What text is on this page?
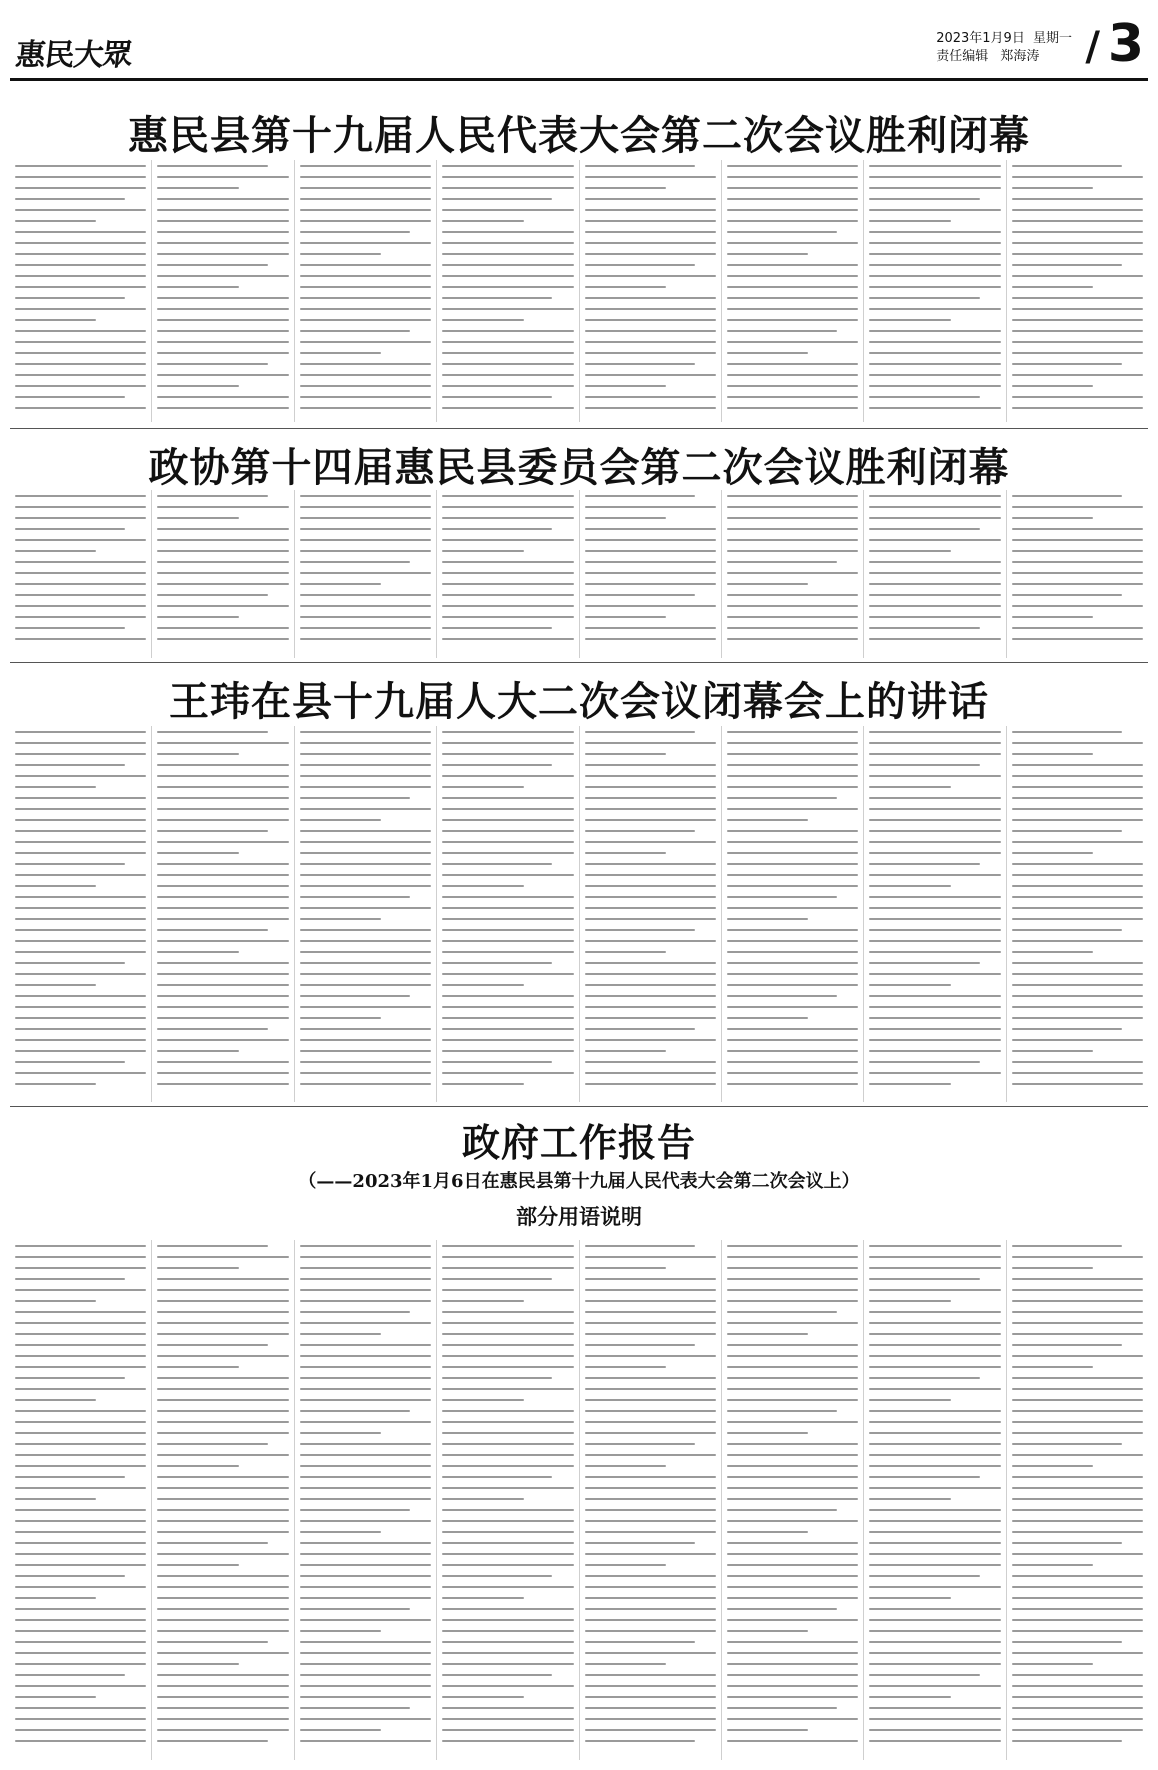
惠民大眾	2023年1月9日 星期一
责任编辑 郑海涛	/ 3
惠民县第十九届人民代表大会第二次会议胜利闭幕
政协第十四届惠民县委员会第二次会议胜利闭幕
王玮在县十九届人大二次会议闭幕会上的讲话
政府工作报告
（——2023年1月6日在惠民县第十九届人民代表大会第二次会议上）
部分用语说明
